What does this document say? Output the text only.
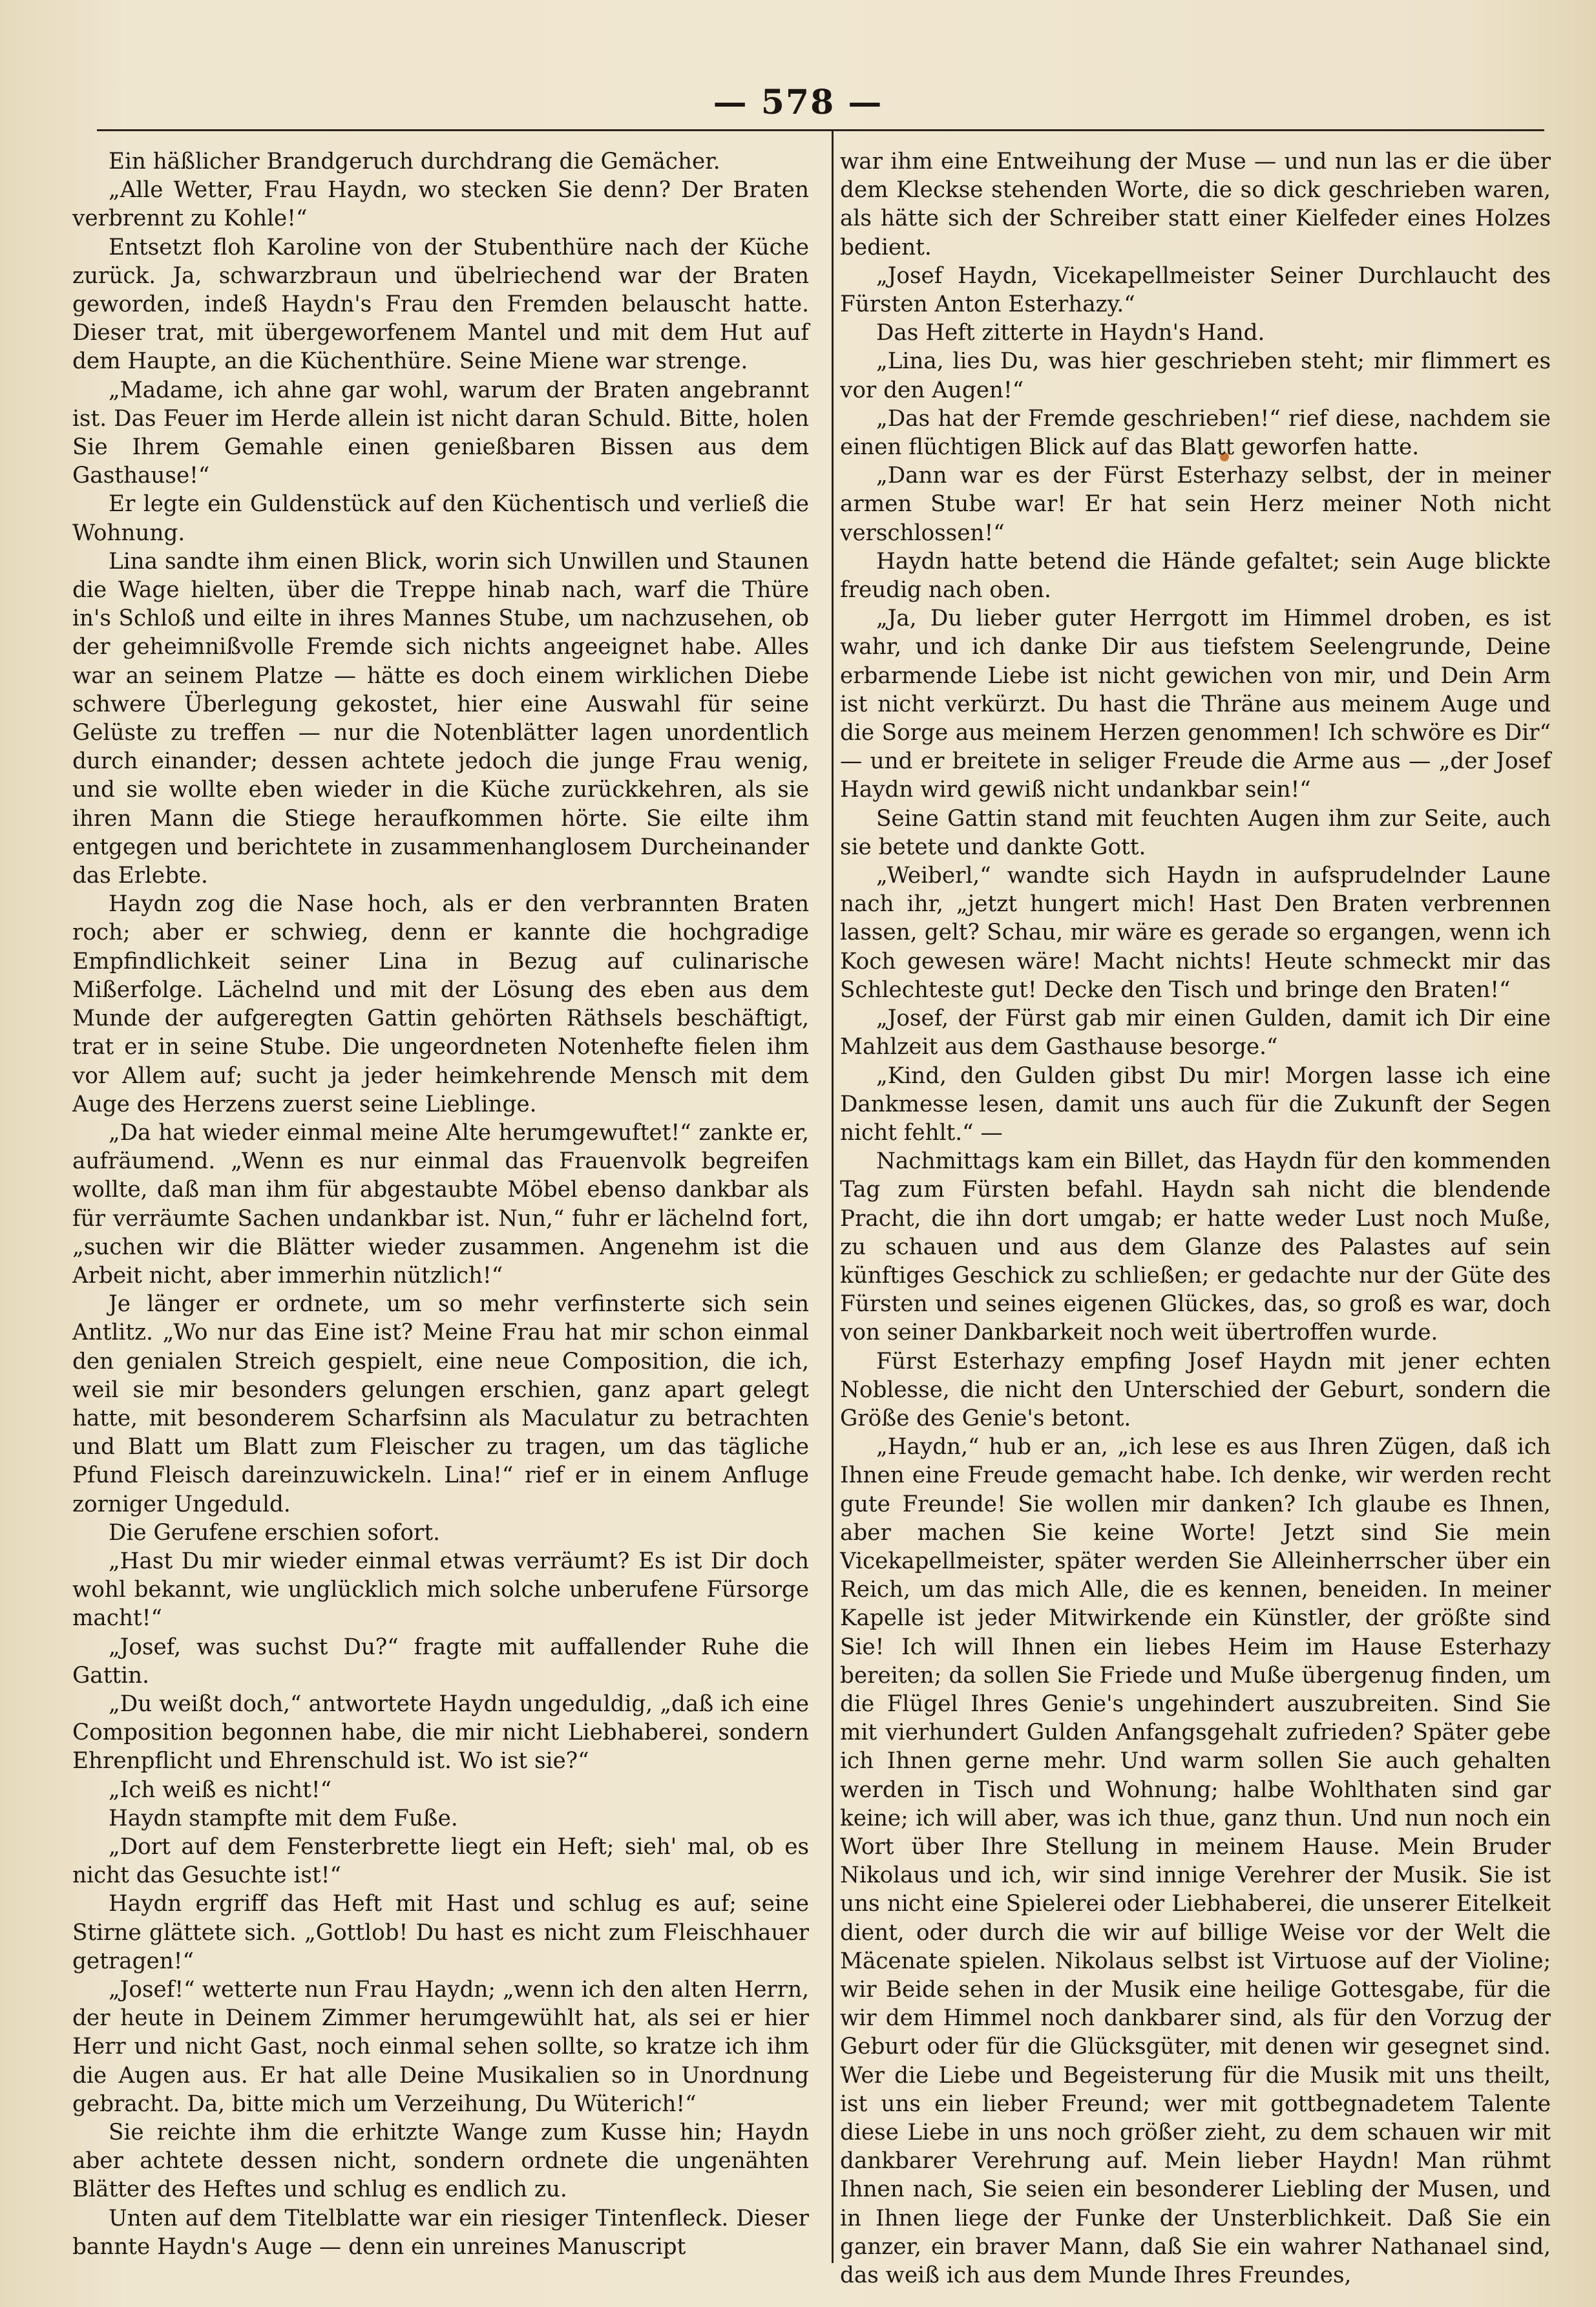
— 578 —

Ein häßlicher Brandgeruch durchdrang die Gemächer.

„Alle Wetter, Frau Haydn, wo stecken Sie denn? Der Braten verbrennt zu Kohle!“

Entsetzt floh Karoline von der Stubenthüre nach der Küche zurück. Ja, schwarzbraun und übelriechend war der Braten geworden, indeß Haydn's Frau den Fremden belauscht hatte. Dieser trat, mit übergeworfenem Mantel und mit dem Hut auf dem Haupte, an die Küchenthüre. Seine Miene war strenge.

„Madame, ich ahne gar wohl, warum der Braten angebrannt ist. Das Feuer im Herde allein ist nicht daran Schuld. Bitte, holen Sie Ihrem Gemahle einen genießbaren Bissen aus dem Gasthause!“

Er legte ein Guldenstück auf den Küchentisch und verließ die Wohnung.

Lina sandte ihm einen Blick, worin sich Unwillen und Staunen die Wage hielten, über die Treppe hinab nach, warf die Thüre in's Schloß und eilte in ihres Mannes Stube, um nachzusehen, ob der geheimnißvolle Fremde sich nichts angeeignet habe. Alles war an seinem Platze — hätte es doch einem wirklichen Diebe schwere Überlegung gekostet, hier eine Auswahl für seine Gelüste zu treffen — nur die Notenblätter lagen unordentlich durch einander; dessen achtete jedoch die junge Frau wenig, und sie wollte eben wieder in die Küche zurückkehren, als sie ihren Mann die Stiege heraufkommen hörte. Sie eilte ihm entgegen und berichtete in zusammenhanglosem Durcheinander das Erlebte.

Haydn zog die Nase hoch, als er den verbrannten Braten roch; aber er schwieg, denn er kannte die hochgradige Empfindlichkeit seiner Lina in Bezug auf culinarische Mißerfolge. Lächelnd und mit der Lösung des eben aus dem Munde der aufgeregten Gattin gehörten Räthsels beschäftigt, trat er in seine Stube. Die ungeordneten Notenhefte fielen ihm vor Allem auf; sucht ja jeder heimkehrende Mensch mit dem Auge des Herzens zuerst seine Lieblinge.

„Da hat wieder einmal meine Alte herumgewuftet!“ zankte er, aufräumend. „Wenn es nur einmal das Frauenvolk begreifen wollte, daß man ihm für abgestaubte Möbel ebenso dankbar als für verräumte Sachen undankbar ist. Nun,“ fuhr er lächelnd fort, „suchen wir die Blätter wieder zusammen. Angenehm ist die Arbeit nicht, aber immerhin nützlich!“

Je länger er ordnete, um so mehr verfinsterte sich sein Antlitz. „Wo nur das Eine ist? Meine Frau hat mir schon einmal den genialen Streich gespielt, eine neue Composition, die ich, weil sie mir besonders gelungen erschien, ganz apart gelegt hatte, mit besonderem Scharfsinn als Maculatur zu betrachten und Blatt um Blatt zum Fleischer zu tragen, um das tägliche Pfund Fleisch dareinzuwickeln. Lina!“ rief er in einem Anfluge zorniger Ungeduld.

Die Gerufene erschien sofort.

„Hast Du mir wieder einmal etwas verräumt? Es ist Dir doch wohl bekannt, wie unglücklich mich solche unberufene Fürsorge macht!“

„Josef, was suchst Du?“ fragte mit auffallender Ruhe die Gattin.

„Du weißt doch,“ antwortete Haydn ungeduldig, „daß ich eine Composition begonnen habe, die mir nicht Liebhaberei, sondern Ehrenpflicht und Ehrenschuld ist. Wo ist sie?“

„Ich weiß es nicht!“

Haydn stampfte mit dem Fuße.

„Dort auf dem Fensterbrette liegt ein Heft; sieh' mal, ob es nicht das Gesuchte ist!“

Haydn ergriff das Heft mit Hast und schlug es auf; seine Stirne glättete sich. „Gottlob! Du hast es nicht zum Fleischhauer getragen!“

„Josef!“ wetterte nun Frau Haydn; „wenn ich den alten Herrn, der heute in Deinem Zimmer herumgewühlt hat, als sei er hier Herr und nicht Gast, noch einmal sehen sollte, so kratze ich ihm die Augen aus. Er hat alle Deine Musikalien so in Unordnung gebracht. Da, bitte mich um Verzeihung, Du Wüterich!“

Sie reichte ihm die erhitzte Wange zum Kusse hin; Haydn aber achtete dessen nicht, sondern ordnete die ungenähten Blätter des Heftes und schlug es endlich zu.

Unten auf dem Titelblatte war ein riesiger Tintenfleck. Dieser bannte Haydn's Auge — denn ein unreines Manuscript

war ihm eine Entweihung der Muse — und nun las er die über dem Kleckse stehenden Worte, die so dick geschrieben waren, als hätte sich der Schreiber statt einer Kielfeder eines Holzes bedient.

„Josef Haydn, Vicekapellmeister Seiner Durchlaucht des Fürsten Anton Esterhazy.“

Das Heft zitterte in Haydn's Hand.

„Lina, lies Du, was hier geschrieben steht; mir flimmert es vor den Augen!“

„Das hat der Fremde geschrieben!“ rief diese, nachdem sie einen flüchtigen Blick auf das Blatt geworfen hatte.

„Dann war es der Fürst Esterhazy selbst, der in meiner armen Stube war! Er hat sein Herz meiner Noth nicht verschlossen!“

Haydn hatte betend die Hände gefaltet; sein Auge blickte freudig nach oben.

„Ja, Du lieber guter Herrgott im Himmel droben, es ist wahr, und ich danke Dir aus tiefstem Seelengrunde, Deine erbarmende Liebe ist nicht gewichen von mir, und Dein Arm ist nicht verkürzt. Du hast die Thräne aus meinem Auge und die Sorge aus meinem Herzen genommen! Ich schwöre es Dir“ — und er breitete in seliger Freude die Arme aus — „der Josef Haydn wird gewiß nicht undankbar sein!“

Seine Gattin stand mit feuchten Augen ihm zur Seite, auch sie betete und dankte Gott.

„Weiberl,“ wandte sich Haydn in aufsprudelnder Laune nach ihr, „jetzt hungert mich! Hast Den Braten verbrennen lassen, gelt? Schau, mir wäre es gerade so ergangen, wenn ich Koch gewesen wäre! Macht nichts! Heute schmeckt mir das Schlechteste gut! Decke den Tisch und bringe den Braten!“

„Josef, der Fürst gab mir einen Gulden, damit ich Dir eine Mahlzeit aus dem Gasthause besorge.“

„Kind, den Gulden gibst Du mir! Morgen lasse ich eine Dankmesse lesen, damit uns auch für die Zukunft der Segen nicht fehlt.“ —

Nachmittags kam ein Billet, das Haydn für den kommenden Tag zum Fürsten befahl. Haydn sah nicht die blendende Pracht, die ihn dort umgab; er hatte weder Lust noch Muße, zu schauen und aus dem Glanze des Palastes auf sein künftiges Geschick zu schließen; er gedachte nur der Güte des Fürsten und seines eigenen Glückes, das, so groß es war, doch von seiner Dankbarkeit noch weit übertroffen wurde.

Fürst Esterhazy empfing Josef Haydn mit jener echten Noblesse, die nicht den Unterschied der Geburt, sondern die Größe des Genie's betont.

„Haydn,“ hub er an, „ich lese es aus Ihren Zügen, daß ich Ihnen eine Freude gemacht habe. Ich denke, wir werden recht gute Freunde! Sie wollen mir danken? Ich glaube es Ihnen, aber machen Sie keine Worte! Jetzt sind Sie mein Vicekapellmeister, später werden Sie Alleinherrscher über ein Reich, um das mich Alle, die es kennen, beneiden. In meiner Kapelle ist jeder Mitwirkende ein Künstler, der größte sind Sie! Ich will Ihnen ein liebes Heim im Hause Esterhazy bereiten; da sollen Sie Friede und Muße übergenug finden, um die Flügel Ihres Genie's ungehindert auszubreiten. Sind Sie mit vierhundert Gulden Anfangsgehalt zufrieden? Später gebe ich Ihnen gerne mehr. Und warm sollen Sie auch gehalten werden in Tisch und Wohnung; halbe Wohlthaten sind gar keine; ich will aber, was ich thue, ganz thun. Und nun noch ein Wort über Ihre Stellung in meinem Hause. Mein Bruder Nikolaus und ich, wir sind innige Verehrer der Musik. Sie ist uns nicht eine Spielerei oder Liebhaberei, die unserer Eitelkeit dient, oder durch die wir auf billige Weise vor der Welt die Mäcenate spielen. Nikolaus selbst ist Virtuose auf der Violine; wir Beide sehen in der Musik eine heilige Gottesgabe, für die wir dem Himmel noch dankbarer sind, als für den Vorzug der Geburt oder für die Glücksgüter, mit denen wir gesegnet sind. Wer die Liebe und Begeisterung für die Musik mit uns theilt, ist uns ein lieber Freund; wer mit gottbegnadetem Talente diese Liebe in uns noch größer zieht, zu dem schauen wir mit dankbarer Verehrung auf. Mein lieber Haydn! Man rühmt Ihnen nach, Sie seien ein besonderer Liebling der Musen, und in Ihnen liege der Funke der Unsterblichkeit. Daß Sie ein ganzer, ein braver Mann, daß Sie ein wahrer Nathanael sind, das weiß ich aus dem Munde Ihres Freundes,
